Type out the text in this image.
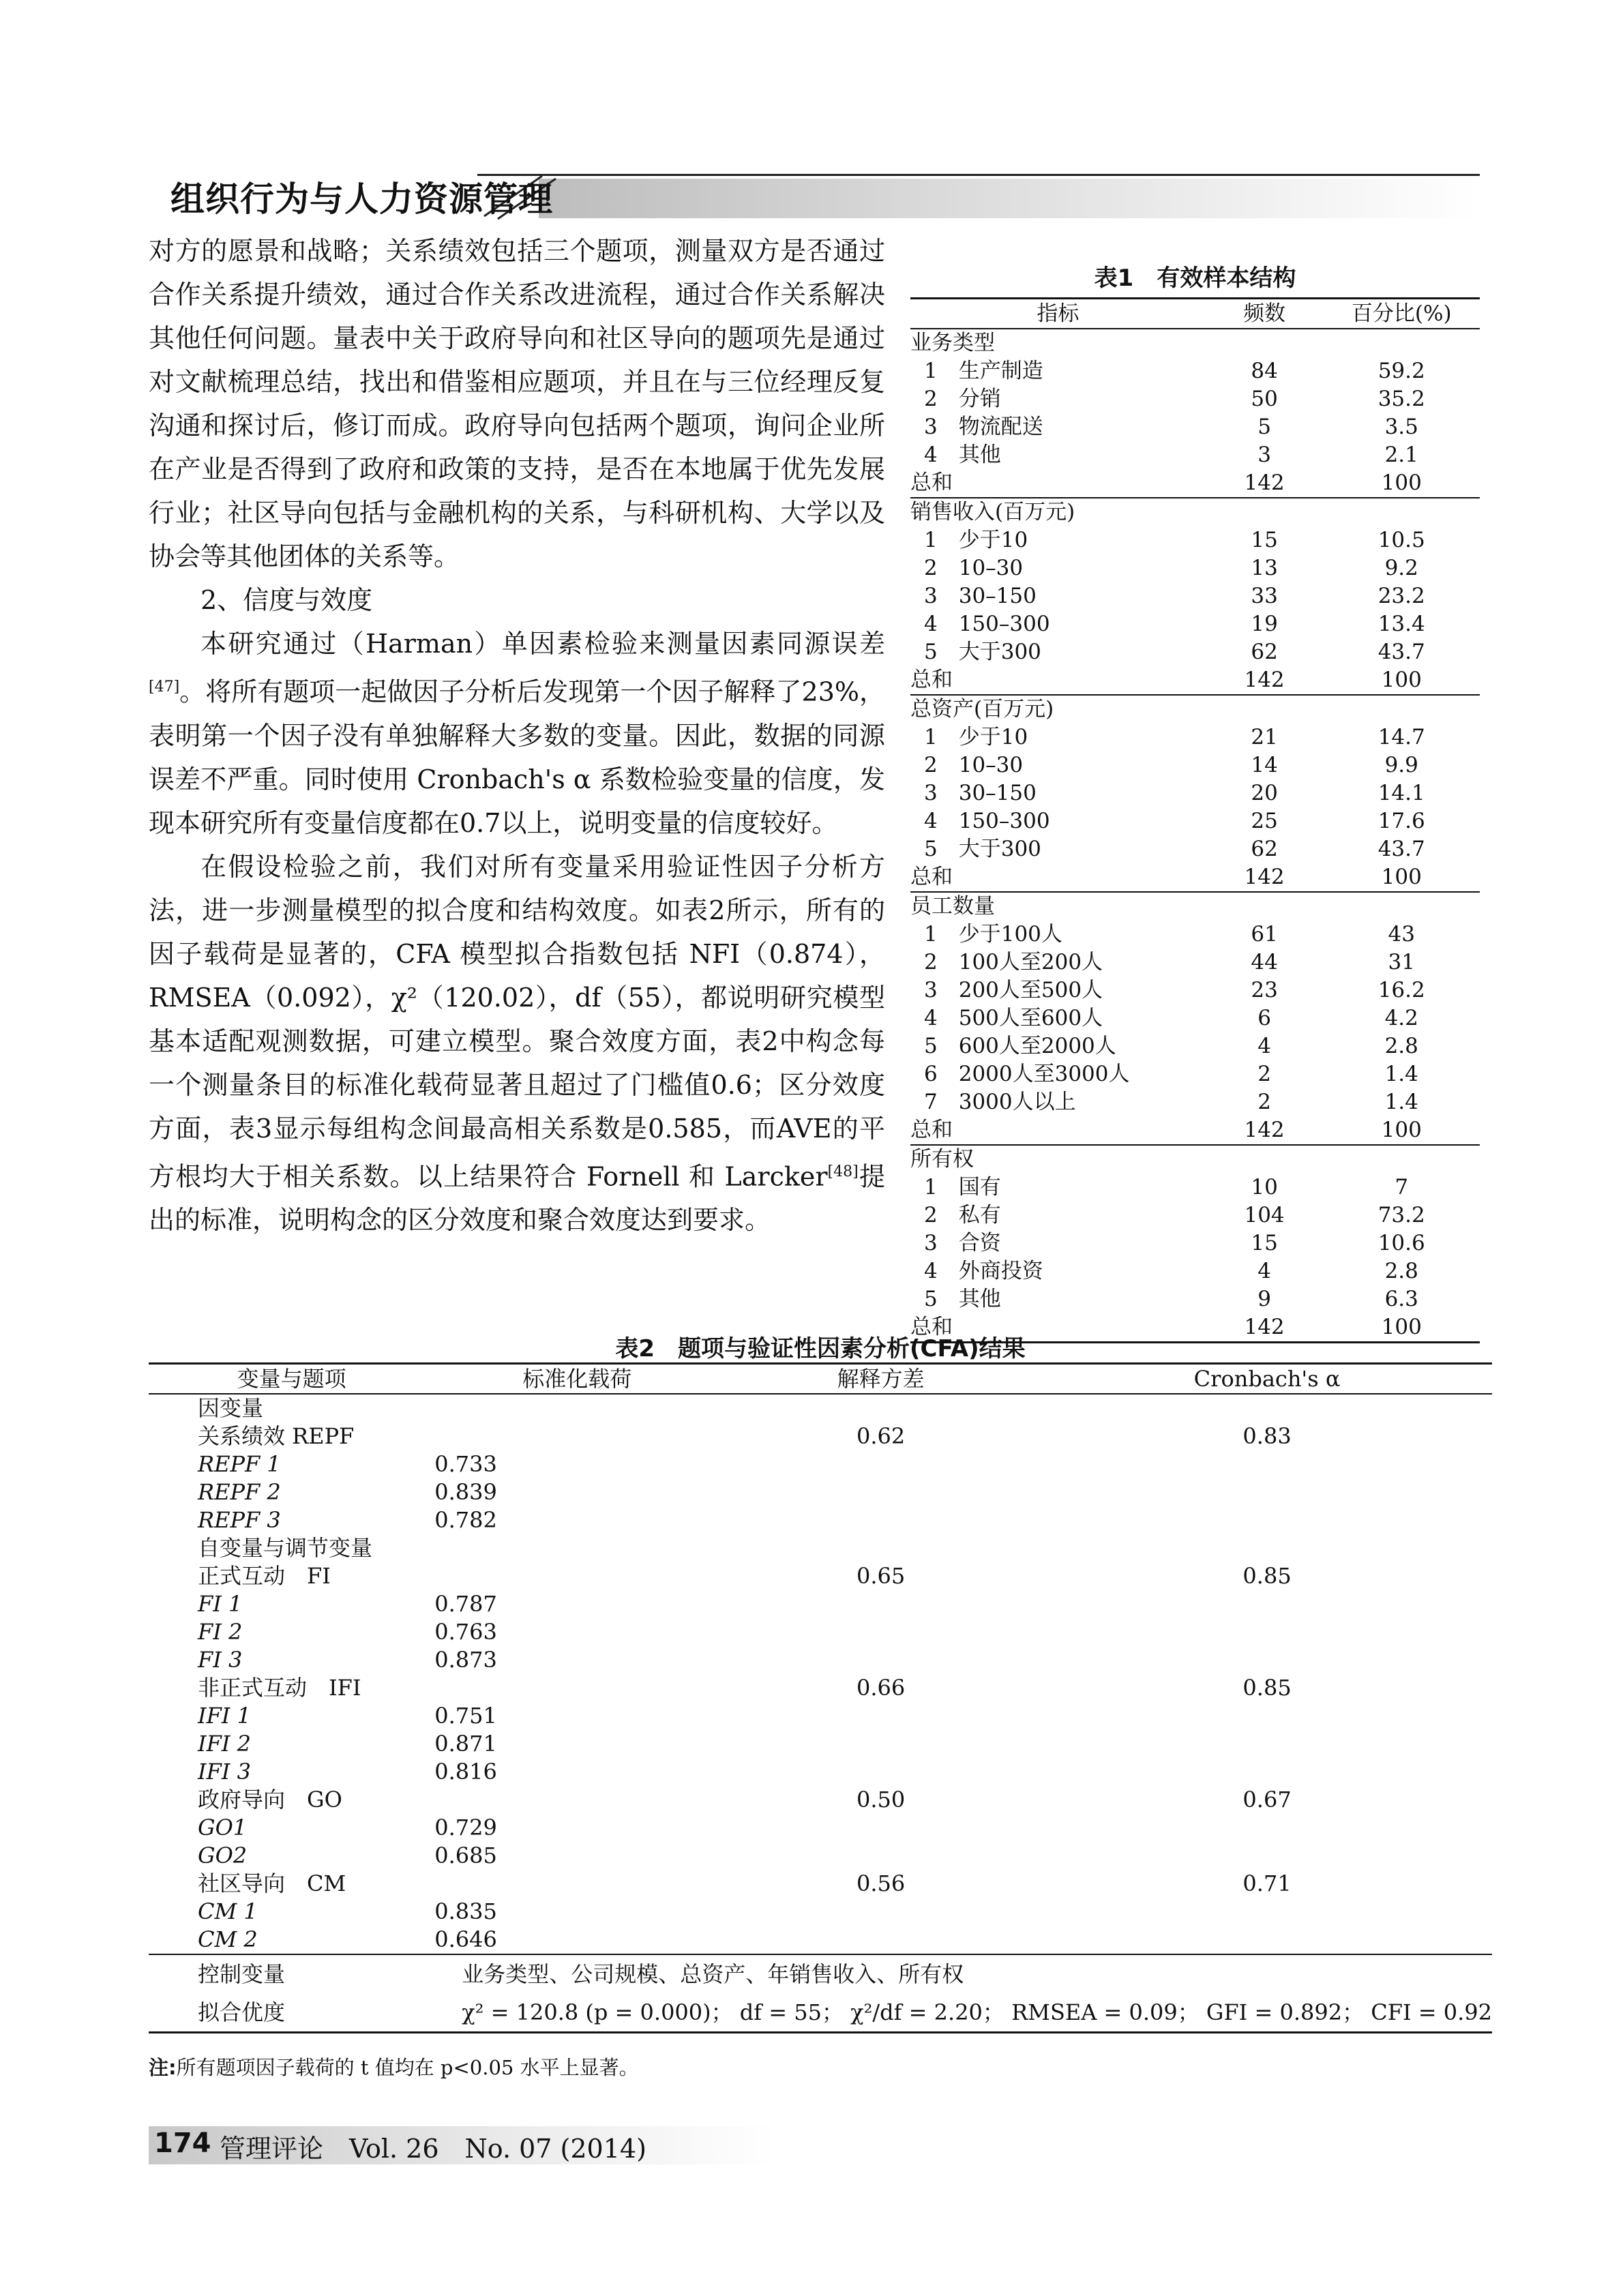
组织行为与人力资源管理

对方的愿景和战略；关系绩效包括三个题项，测量双方是否通过合作关系提升绩效，通过合作关系改进流程，通过合作关系解决其他任何问题。量表中关于政府导向和社区导向的题项先是通过对文献梳理总结，找出和借鉴相应题项，并且在与三位经理反复沟通和探讨后，修订而成。政府导向包括两个题项，询问企业所在产业是否得到了政府和政策的支持，是否在本地属于优先发展行业；社区导向包括与金融机构的关系，与科研机构、大学以及协会等其他团体的关系等。

2、信度与效度

本研究通过（Harman）单因素检验来测量因素同源误差[47]。将所有题项一起做因子分析后发现第一个因子解释了23%，表明第一个因子没有单独解释大多数的变量。因此，数据的同源误差不严重。同时使用 Cronbach's α 系数检验变量的信度，发现本研究所有变量信度都在0.7以上，说明变量的信度较好。

在假设检验之前，我们对所有变量采用验证性因子分析方法，进一步测量模型的拟合度和结构效度。如表2所示，所有的因子载荷是显著的，CFA 模型拟合指数包括 NFI（0.874），RMSEA（0.092），χ²（120.02），df（55），都说明研究模型基本适配观测数据，可建立模型。聚合效度方面，表2中构念每一个测量条目的标准化载荷显著且超过了门槛值0.6；区分效度方面，表3显示每组构念间最高相关系数是0.585，而AVE的平方根均大于相关系数。以上结果符合 Fornell 和 Larcker[48]提出的标准，说明构念的区分效度和聚合效度达到要求。

表1　有效样本结构
指标	频数	百分比(%)
业务类型		
1　生产制造	84	59.2
2　分销	50	35.2
3　物流配送	5	3.5
4　其他	3	2.1
总和	142	100
销售收入(百万元)		
1　少于10	15	10.5
2　10–30	13	9.2
3　30–150	33	23.2
4　150–300	19	13.4
5　大于300	62	43.7
总和	142	100
总资产(百万元)		
1　少于10	21	14.7
2　10–30	14	9.9
3　30–150	20	14.1
4　150–300	25	17.6
5　大于300	62	43.7
总和	142	100
员工数量		
1　少于100人	61	43
2　100人至200人	44	31
3　200人至500人	23	16.2
4　500人至600人	6	4.2
5　600人至2000人	4	2.8
6　2000人至3000人	2	1.4
7　3000人以上	2	1.4
总和	142	100
所有权		
1　国有	10	7
2　私有	104	73.2
3　合资	15	10.6
4　外商投资	4	2.8
5　其他	9	6.3
总和	142	100
表2　题项与验证性因素分析(CFA)结果
变量与题项	标准化载荷	解释方差	Cronbach's α
因变量			
关系绩效 REPF		0.62	0.83
REPF 1	0.733		
REPF 2	0.839		
REPF 3	0.782		
自变量与调节变量			
正式互动　FI		0.65	0.85
FI 1	0.787		
FI 2	0.763		
FI 3	0.873		
非正式互动　IFI		0.66	0.85
IFI 1	0.751		
IFI 2	0.871		
IFI 3	0.816		
政府导向　GO		0.50	0.67
GO1	0.729		
GO2	0.685		
社区导向　CM		0.56	0.71
CM 1	0.835		
CM 2	0.646		
控制变量	业务类型、公司规模、总资产、年销售收入、所有权		
拟合优度	χ² = 120.8 (p = 0.000)； df = 55； χ²/df = 2.20； RMSEA = 0.09； GFI = 0.892； CFI = 0.92		
注:所有题项因子载荷的 t 值均在 p<0.05 水平上显著。
174 管理评论　Vol. 26　No. 07 (2014)
